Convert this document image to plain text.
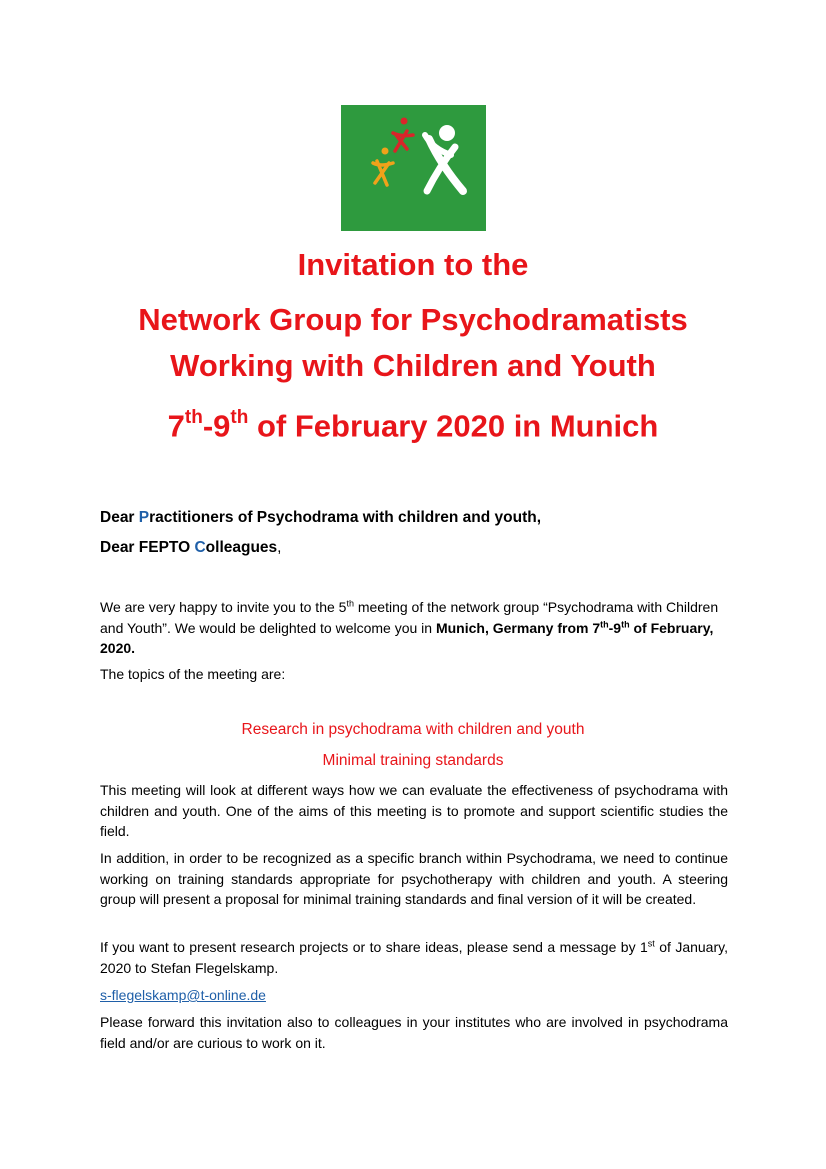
Invitation to the
Network Group for Psychodramatists
Working with Children and Youth
7th-9th of February 2020 in Munich
Dear Practitioners of Psychodrama with children and youth,
Dear FEPTO Colleagues,
We are very happy to invite you to the 5th meeting of the network group “Psychodrama with Children and Youth”. We would be delighted to welcome you in Munich, Germany from 7th-9th of February, 2020.
The topics of the meeting are:
Research in psychodrama with children and youth
Minimal training standards
This meeting will look at different ways how we can evaluate the effectiveness of psychodrama with children and youth. One of the aims of this meeting is to promote and support scientific studies the field.
In addition, in order to be recognized as a specific branch within Psychodrama, we need to continue working on training standards appropriate for psychotherapy with children and youth. A steering group will present a proposal for minimal training standards and final version of it will be created.
If you want to present research projects or to share ideas, please send a message by 1st of January, 2020 to Stefan Flegelskamp.
s-flegelskamp@t-online.de
Please forward this invitation also to colleagues in your institutes who are involved in psychodrama field and/or are curious to work on it.
